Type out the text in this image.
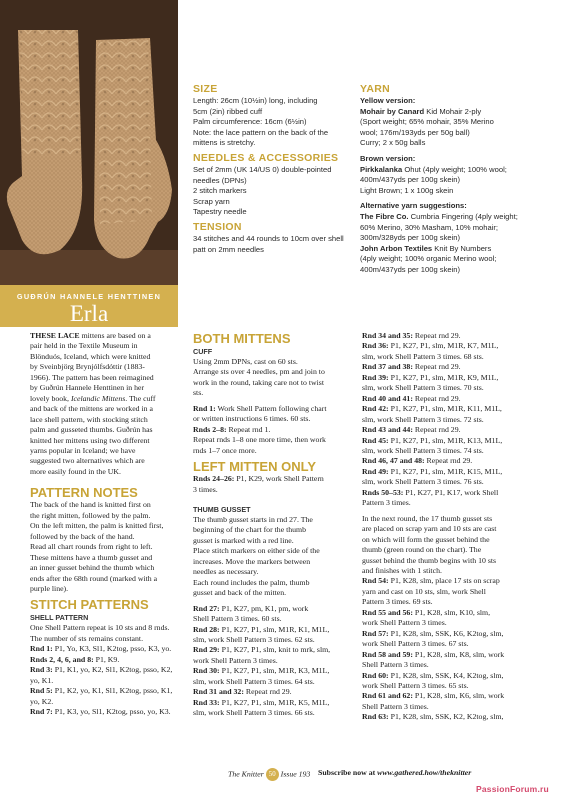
GUÐRÚN HANNELE HENTTINEN
Erla
SIZE
Length: 26cm (10½in) long, including
5cm (2in) ribbed cuff
Palm circumference: 16cm (6½in)
Note: the lace pattern on the back of the
mittens is stretchy.
NEEDLES & ACCESSORIES
Set of 2mm (UK 14/US 0) double-pointed
needles (DPNs)
2 stitch markers
Scrap yarn
Tapestry needle
TENSION
34 stitches and 44 rounds to 10cm over shell
patt on 2mm needles
YARN
Yellow version:
Mohair by Canard Kid Mohair 2-ply
(Sport weight; 65% mohair, 35% Merino
wool; 176m/193yds per 50g ball)
Curry; 2 x 50g balls
Brown version:
Pirkkalanka Ohut (4ply weight; 100% wool;
400m/437yds per 100g skein)
Light Brown; 1 x 100g skein
Alternative yarn suggestions:
The Fibre Co. Cumbria Fingering (4ply weight;
60% Merino, 30% Masham, 10% mohair;
300m/328yds per 100g skein)
John Arbon Textiles Knit By Numbers
(4ply weight; 100% organic Merino wool;
400m/437yds per 100g skein)
THESE LACE mittens are based on a
pair held in the Textile Museum in
Blönduós, Iceland, which were knitted
by Sveinbjörg Brynjólfsdóttir (1883-
1966). The pattern has been reimagined
by Guðrún Hannele Henttinen in her
lovely book, Icelandic Mittens. The cuff
and back of the mittens are worked in a
lace shell pattern, with stocking stitch
palm and gusseted thumbs. Guðrún has
knitted her mittens using two different
yarns popular in Iceland; we have
suggested two alternatives which are
more easily found in the UK.
PATTERN NOTES
The back of the hand is knitted first on
the right mitten, followed by the palm.
On the left mitten, the palm is knitted first,
followed by the back of the hand.
Read all chart rounds from right to left.
These mittens have a thumb gusset and
an inner gusset behind the thumb which
ends after the 68th round (marked with a
purple line).
STITCH PATTERNS
SHELL PATTERN
One Shell Pattern repeat is 10 sts and 8 rnds.
The number of sts remains constant.
Rnd 1: P1, Yo, K3, Sl1, K2tog, psso, K3, yo.
Rnds 2, 4, 6, and 8: P1, K9.
Rnd 3: P1, K1, yo, K2, Sl1, K2tog, psso, K2,
yo, K1.
Rnd 5: P1, K2, yo, K1, Sl1, K2tog, psso, K1,
yo, K2.
Rnd 7: P1, K3, yo, Sl1, K2tog, psso, yo, K3.
BOTH MITTENS
CUFF
Using 2mm DPNs, cast on 60 sts.
Arrange sts over 4 needles, pm and join to
work in the round, taking care not to twist
sts.
Rnd 1: Work Shell Pattern following chart
or written instructions 6 times. 60 sts.
Rnds 2–8: Repeat rnd 1.
Repeat rnds 1–8 one more time, then work
rnds 1–7 once more.
LEFT MITTEN ONLY
Rnds 24–26: P1, K29, work Shell Pattern
3 times.
THUMB GUSSET
The thumb gusset starts in rnd 27. The
beginning of the chart for the thumb
gusset is marked with a red line.
Place stitch markers on either side of the
increases. Move the markers between
needles as necessary.
Each round includes the palm, thumb
gusset and back of the mitten.
Rnd 27: P1, K27, pm, K1, pm, work
Shell Pattern 3 times. 60 sts.
Rnd 28: P1, K27, P1, slm, M1R, K1, M1L,
slm, work Shell Pattern 3 times. 62 sts.
Rnd 29: P1, K27, P1, slm, knit to mrk, slm,
work Shell Pattern 3 times.
Rnd 30: P1, K27, P1, slm, M1R, K3, M1L,
slm, work Shell Pattern 3 times. 64 sts.
Rnd 31 and 32: Repeat rnd 29.
Rnd 33: P1, K27, P1, slm, M1R, K5, M1L,
slm, work Shell Pattern 3 times. 66 sts.
Rnd 34 and 35: Repeat rnd 29.
Rnd 36: P1, K27, P1, slm, M1R, K7, M1L,
slm, work Shell Pattern 3 times. 68 sts.
Rnd 37 and 38: Repeat rnd 29.
Rnd 39: P1, K27, P1, slm, M1R, K9, M1L,
slm, work Shell Pattern 3 times. 70 sts.
Rnd 40 and 41: Repeat rnd 29.
Rnd 42: P1, K27, P1, slm, M1R, K11, M1L,
slm, work Shell Pattern 3 times. 72 sts.
Rnd 43 and 44: Repeat rnd 29.
Rnd 45: P1, K27, P1, slm, M1R, K13, M1L,
slm, work Shell Pattern 3 times. 74 sts.
Rnd 46, 47 and 48: Repeat rnd 29.
Rnd 49: P1, K27, P1, slm, M1R, K15, M1L,
slm, work Shell Pattern 3 times. 76 sts.
Rnds 50–53: P1, K27, P1, K17, work Shell
Pattern 3 times.
In the next round, the 17 thumb gusset sts
are placed on scrap yarn and 10 sts are cast
on which will form the gusset behind the
thumb (green round on the chart). The
gusset behind the thumb begins with 10 sts
and finishes with 1 stitch.
Rnd 54: P1, K28, slm, place 17 sts on scrap
yarn and cast on 10 sts, slm, work Shell
Pattern 3 times. 69 sts.
Rnd 55 and 56: P1, K28, slm, K10, slm,
work Shell Pattern 3 times.
Rnd 57: P1, K28, slm, SSK, K6, K2tog, slm,
work Shell Pattern 3 times. 67 sts.
Rnd 58 and 59: P1, K28, slm, K8, slm, work
Shell Pattern 3 times.
Rnd 60: P1, K28, slm, SSK, K4, K2tog, slm,
work Shell Pattern 3 times. 65 sts.
Rnd 61 and 62: P1, K28, slm, K6, slm, work
Shell Pattern 3 times.
Rnd 63: P1, K28, slm, SSK, K2, K2tog, slm,
The Knitter 50 Issue 193 Subscribe now at www.gathered.how/theknitter
PassionForum.ru
